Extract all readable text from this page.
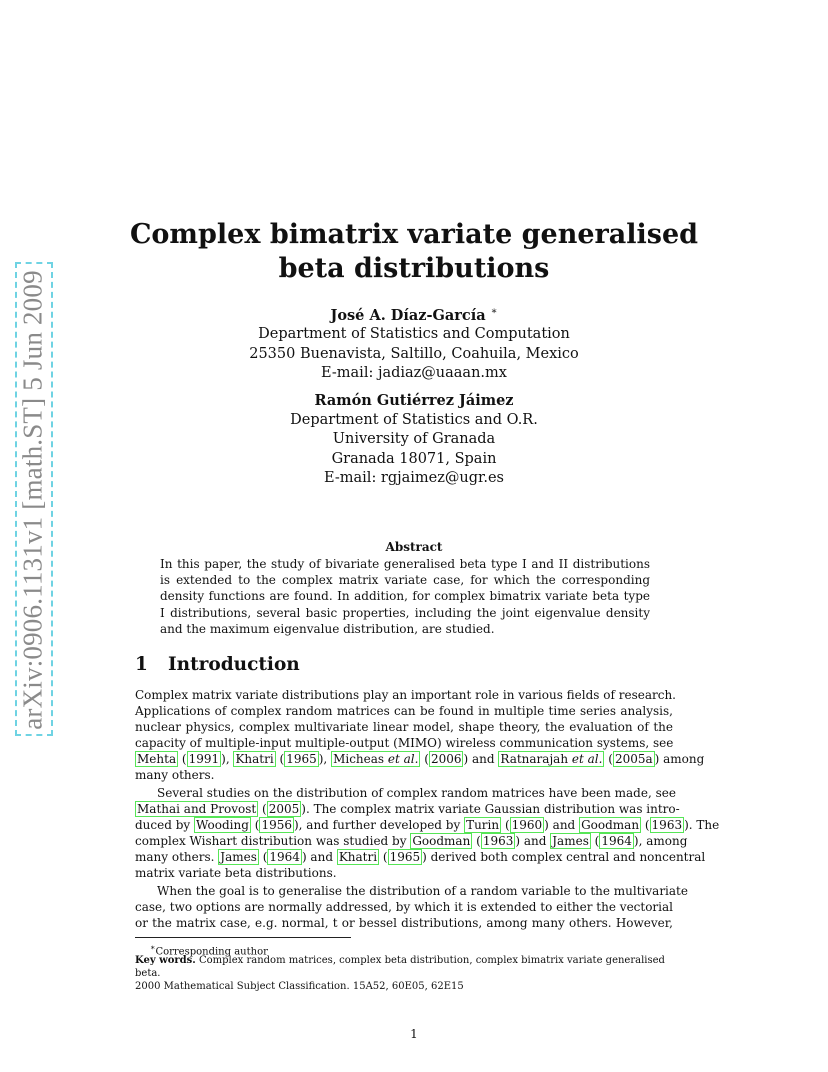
arXiv:0906.1131v1 [math.ST] 5 Jun 2009
Complex bimatrix variate generalised
beta distributions
José A. Díaz-García ∗
Department of Statistics and Computation
25350 Buenavista, Saltillo, Coahuila, Mexico
E-mail: jadiaz@uaaan.mx
Ramón Gutiérrez Jáimez
Department of Statistics and O.R.
University of Granada
Granada 18071, Spain
E-mail: rgjaimez@ugr.es
Abstract
In this paper, the study of bivariate generalised beta type I and II distributions is extended to the complex matrix variate case, for which the corresponding density functions are found. In addition, for complex bimatrix variate beta type I distributions, several basic properties, including the joint eigenvalue density and the maximum eigenvalue distribution, are studied.
1 Introduction
Complex matrix variate distributions play an important role in various fields of research.
Applications of complex random matrices can be found in multiple time series analysis,
nuclear physics, complex multivariate linear model, shape theory, the evaluation of the
capacity of multiple-input multiple-output (MIMO) wireless communication systems, see
Mehta ( 1991 ), Khatri ( 1965 ), Micheas et al. ( 2006 ) and Ratnarajah et al. ( 2005a ) among
many others.
Several studies on the distribution of complex random matrices have been made, see
Mathai and Provost ( 2005 ). The complex matrix variate Gaussian distribution was intro-
duced by Wooding ( 1956 ), and further developed by Turin ( 1960 ) and Goodman ( 1963 ). The
complex Wishart distribution was studied by Goodman ( 1963 ) and James ( 1964 ), among
many others. James ( 1964 ) and Khatri ( 1965 ) derived both complex central and noncentral
matrix variate beta distributions.
When the goal is to generalise the distribution of a random variable to the multivariate
case, two options are normally addressed, by which it is extended to either the vectorial
or the matrix case, e.g. normal, t or bessel distributions, among many others. However,
∗Corresponding author
Key words. Complex random matrices, complex beta distribution, complex bimatrix variate generalised
beta.
2000 Mathematical Subject Classification. 15A52, 60E05, 62E15
1
